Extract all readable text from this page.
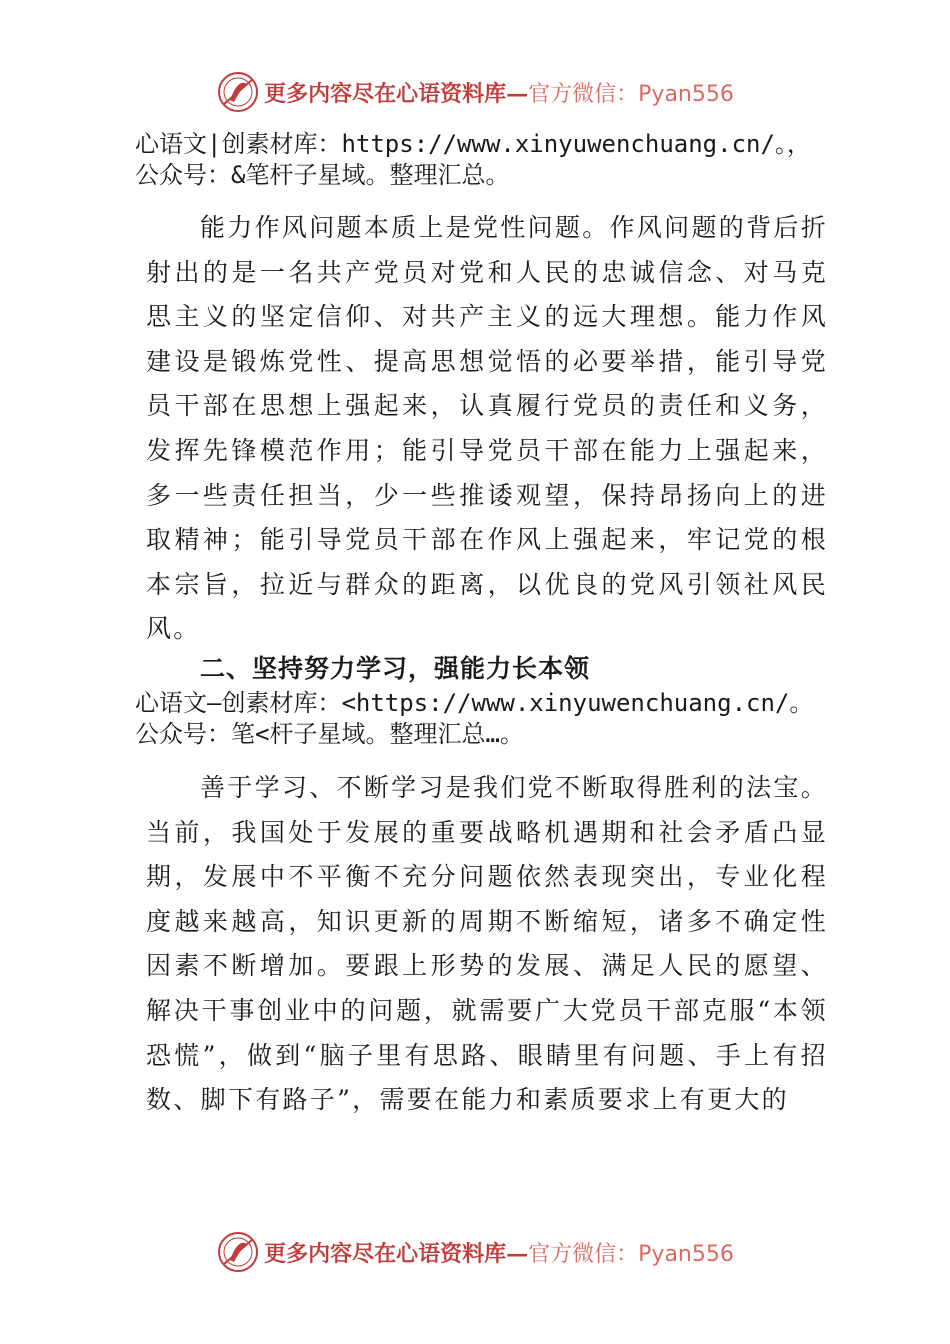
更多内容尽在心语资料库—官方微信：Pyan556
心语文|创素材库：https://www.xinyuwenchuang.cn/。，
公众号：&笔杆子星域。整理汇总。

能力作风问题本质上是党性问题。作风问题的背后折射出的是一名共产党员对党和人民的忠诚信念、对马克思主义的坚定信仰、对共产主义的远大理想。能力作风建设是锻炼党性、提高思想觉悟的必要举措，能引导党员干部在思想上强起来，认真履行党员的责任和义务， 发挥先锋模范作用；能引导党员干部在能力上强起来， 多一些责任担当，少一些推诿观望，保持昂扬向上的进取精神；能引导党员干部在作风上强起来，牢记党的根本宗旨，拉近与群众的距离，以优良的党风引领社风民风。

二、坚持努力学习，强能力长本领
心语文—创素材库：<https://www.xinyuwenchuang.cn/。
公众号：笔<杆子星域。整理汇总…。

善于学习、不断学习是我们党不断取得胜利的法宝。当前，我国处于发展的重要战略机遇期和社会矛盾凸显期，发展中不平衡不充分问题依然表现突出，专业化程度越来越高，知识更新的周期不断缩短，诸多不确定性因素不断增加。要跟上形势的发展、满足人民的愿望、解决干事创业中的问题，就需要广大党员干部克服“本领恐慌”，做到“脑子里有思路、眼睛里有问题、手上有招数、脚下有路子”，需要在能力和素质要求上有更大的

更多内容尽在心语资料库—官方微信：Pyan556
